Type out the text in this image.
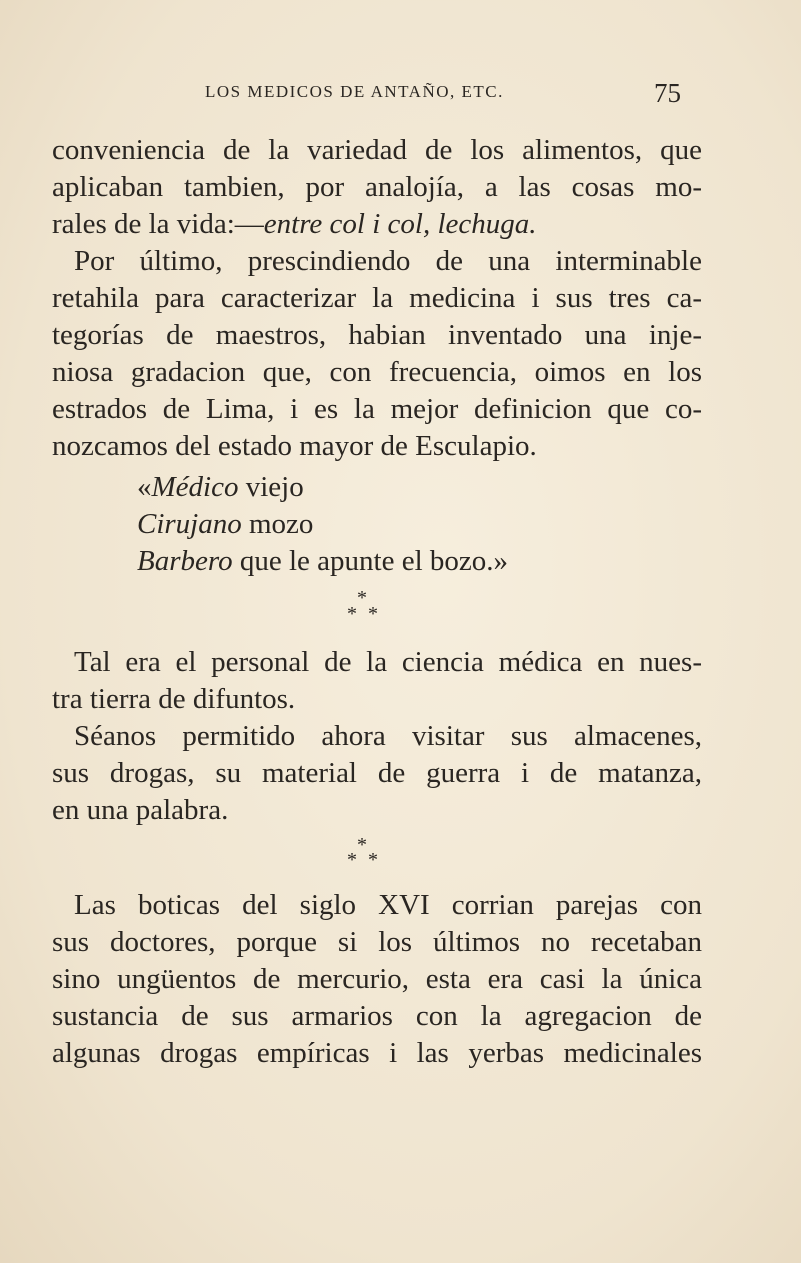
LOS MEDICOS DE ANTAÑO, ETC.	75
conveniencia de la variedad de los alimentos, que
aplicaban tambien, por analojía, a las cosas mo-
rales de la vida:—entre col i col, lechuga.
Por último, prescindiendo de una interminable
retahila para caracterizar la medicina i sus tres ca-
tegorías de maestros, habian inventado una inje-
niosa gradacion que, con frecuencia, oimos en los
estrados de Lima, i es la mejor definicion que co-
nozcamos del estado mayor de Esculapio.
«Médico viejo
Cirujano mozo
Barbero que le apunte el bozo.»
*
* *
Tal era el personal de la ciencia médica en nues-
tra tierra de difuntos.
Séanos permitido ahora visitar sus almacenes,
sus drogas, su material de guerra i de matanza,
en una palabra.
*
* *
Las boticas del siglo XVI corrian parejas con
sus doctores, porque si los últimos no recetaban
sino ungüentos de mercurio, esta era casi la única
sustancia de sus armarios con la agregacion de
algunas drogas empíricas i las yerbas medicinales
